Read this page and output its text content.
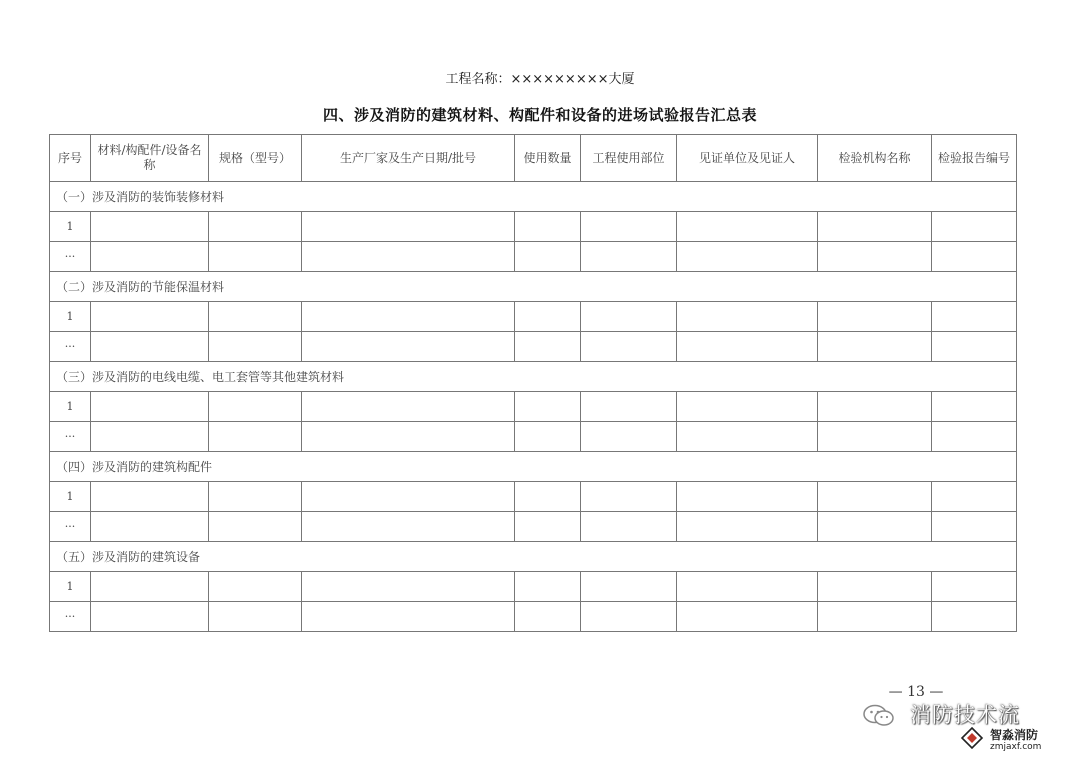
工程名称：×××××××××大厦
四、涉及消防的建筑材料、构配件和设备的进场试验报告汇总表
序号	材料/构配件/设备名称	规格（型号）	生产厂家及生产日期/批号	使用数量	工程使用部位	见证单位及见证人	检验机构名称	检验报告编号
（一）涉及消防的装饰装修材料								
1								
···								
（二）涉及消防的节能保温材料								
1								
···								
（三）涉及消防的电线电缆、电工套管等其他建筑材料								
1								
···								
（四）涉及消防的建筑构配件								
1								
···								
（五）涉及消防的建筑设备								
1								
···								
— 13 —
消防技术流
智淼消防
zmjaxf.com
